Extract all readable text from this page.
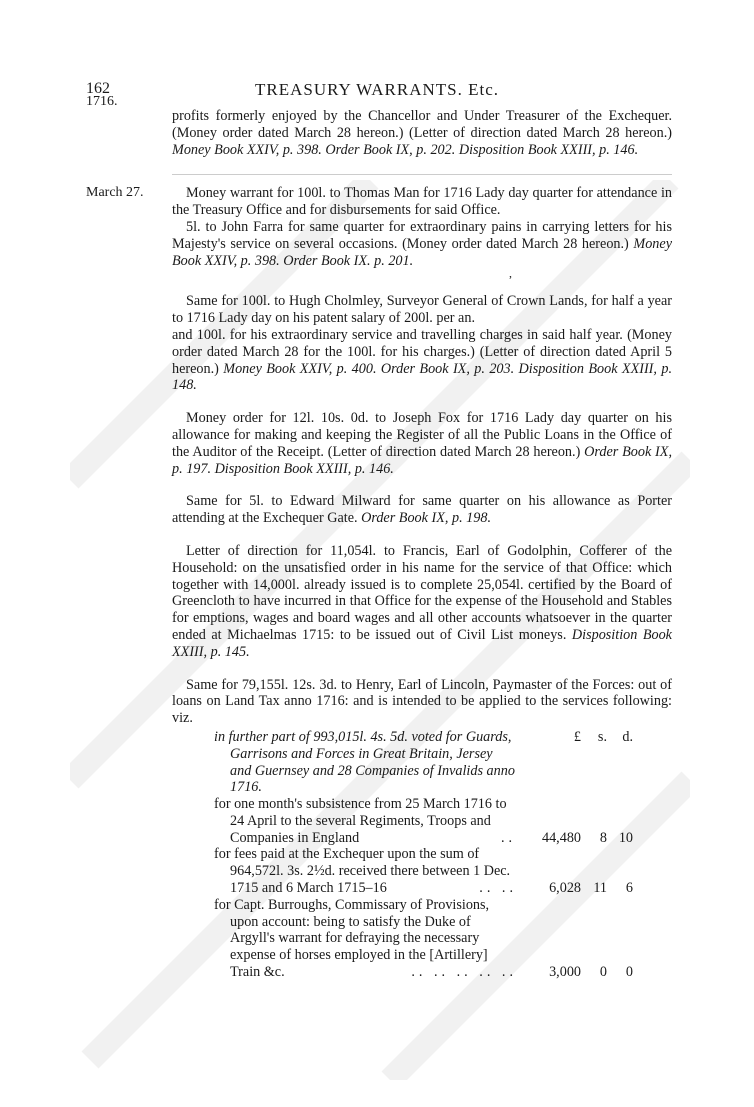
162
1716.
TREASURY WARRANTS. Etc.

profits formerly enjoyed by the Chancellor and Under Treasurer of the Exchequer. (Money order dated March 28 hereon.) (Letter of direction dated March 28 hereon.) Money Book XXIV, p. 398. Order Book IX, p. 202. Disposition Book XXIII, p. 146.

March 27.	Money warrant for 100l. to Thomas Man for 1716 Lady day quarter for attendance in the Treasury Office and for disbursements for said Office.

5l. to John Farra for same quarter for extraordinary pains in carrying letters for his Majesty's service on several occasions. (Money order dated March 28 hereon.) Money Book XXIV, p. 398. Order Book IX. p. 201.

,

Same for 100l. to Hugh Cholmley, Surveyor General of Crown Lands, for half a year to 1716 Lady day on his patent salary of 200l. per an.

and 100l. for his extraordinary service and travelling charges in said half year. (Money order dated March 28 for the 100l. for his charges.) (Letter of direction dated April 5 hereon.) Money Book XXIV, p. 400. Order Book IX, p. 203. Disposition Book XXIII, p. 148.

Money order for 12l. 10s. 0d. to Joseph Fox for 1716 Lady day quarter on his allowance for making and keeping the Register of all the Public Loans in the Office of the Auditor of the Receipt. (Letter of direction dated March 28 hereon.) Order Book IX, p. 197. Disposition Book XXIII, p. 146.

Same for 5l. to Edward Milward for same quarter on his allowance as Porter attending at the Exchequer Gate. Order Book IX, p. 198.

Letter of direction for 11,054l. to Francis, Earl of Godolphin, Cofferer of the Household: on the unsatisfied order in his name for the service of that Office: which together with 14,000l. already issued is to complete 25,054l. certified by the Board of Greencloth to have incurred in that Office for the expense of the Household and Stables for emptions, wages and board wages and all other accounts whatsoever in the quarter ended at Michaelmas 1715: to be issued out of Civil List moneys. Disposition Book XXIII, p. 145.

Same for 79,155l. 12s. 3d. to Henry, Earl of Lincoln, Paymaster of the Forces: out of loans on Land Tax anno 1716: and is intended to be applied to the services following: viz.

in further part of 993,015l. 4s. 5d. voted for Guards, Garrisons and Forces in Great Britain, Jersey and Guernsey and 28 Companies of Invalids anno 1716.
£	s.	d.
for one month's subsistence from 25 March 1716 to 24 April to the several Regiments, Troops and Companies in England	..	44,480	8 10
for fees paid at the Exchequer upon the sum of 964,572l. 3s. 2½d. received there between 1 Dec. 1715 and 6 March 1715–16	.. ..	6,028 11	6
for Capt. Burroughs, Commissary of Provisions, upon account: being to satisfy the Duke of Argyll's warrant for defraying the necessary expense of horses employed in the [Artillery] Train &c.	.. .. .. .. ..	3,000	0	0
